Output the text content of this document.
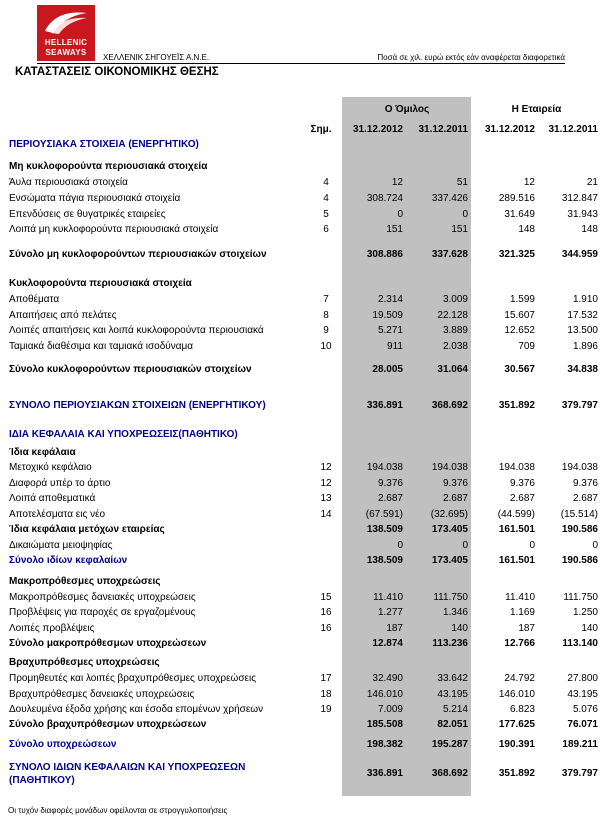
HELLENIC
SEAWAYS
ΧΕΛΛΕΝΙΚ ΣΗΓΟΥΕΪΣ Α.Ν.Ε.	Ποσά σε χιλ. ευρώ εκτός εάν αναφέρεται διαφορετικά
ΚΑΤΑΣΤΑΣΕΙΣ ΟΙΚΟΝΟΜΙΚΗΣ ΘΕΣΗΣ
Ο Όμιλος	Η Εταιρεία
Σημ.	31.12.2012	31.12.2011	31.12.2012	31.12.2011
ΠΕΡΙΟΥΣΙΑΚΑ ΣΤΟΙΧΕΙΑ (ΕΝΕΡΓΗΤΙΚΟ)
Μη κυκλοφορούντα περιουσιακά στοιχεία
Άυλα περιουσιακά στοιχεία	4	12	51	12	21
Ενσώματα πάγια περιουσιακά στοιχεία	4	308.724	337.426	289.516	312.847
Επενδύσεις σε θυγατρικές εταιρείες	5	0	0	31.649	31.943
Λοιπά μη κυκλοφορούντα περιουσιακά στοιχεία	6	151	151	148	148
Σύνολο μη κυκλοφορούντων περιουσιακών στοιχείων	308.886	337.628	321.325	344.959
Κυκλοφορούντα περιουσιακά στοιχεία
Αποθέματα	7	2.314	3.009	1.599	1.910
Απαιτήσεις από πελάτες	8	19.509	22.128	15.607	17.532
Λοιπές απαιτήσεις και λοιπά κυκλοφορούντα περιουσιακά	9	5.271	3.889	12.652	13.500
Ταμιακά διαθέσιμα και ταμιακά ισοδύναμα	10	911	2.038	709	1.896
Σύνολο κυκλοφορούντων περιουσιακών στοιχείων	28.005	31.064	30.567	34.838
ΣΥΝΟΛΟ ΠΕΡΙΟΥΣΙΑΚΩΝ ΣΤΟΙΧΕΙΩΝ (ΕΝΕΡΓΗΤΙΚΟΥ)	336.891	368.692	351.892	379.797
ΙΔΙΑ ΚΕΦΑΛΑΙΑ ΚΑΙ ΥΠΟΧΡΕΩΣΕΙΣ(ΠΑΘΗΤΙΚΟ)
Ίδια κεφάλαια
Μετοχικό κεφάλαιο	12	194.038	194.038	194.038	194.038
Διαφορά υπέρ το άρτιο	12	9.376	9.376	9.376	9.376
Λοιπά αποθεματικά	13	2.687	2.687	2.687	2.687
Αποτελέσματα εις νέο	14	(67.591)	(32.695)	(44.599)	(15.514)
Ίδια κεφάλαια μετόχων εταιρείας	138.509	173.405	161.501	190.586
Δικαιώματα μειοψηφίας	0	0	0	0
Σύνολο ιδίων κεφαλαίων	138.509	173.405	161.501	190.586
Μακροπρόθεσμες υποχρεώσεις
Μακροπρόθεσμες δανειακές υποχρεώσεις	15	11.410	111.750	11.410	111.750
Προβλέψεις για παροχές σε εργαζομένους	16	1.277	1.346	1.169	1.250
Λοιπές προβλέψεις	16	187	140	187	140
Σύνολο μακροπρόθεσμων υποχρεώσεων	12.874	113.236	12.766	113.140
Βραχυπρόθεσμες υποχρεώσεις
Προμηθευτές και λοιπές βραχυπρόθεσμες υποχρεώσεις	17	32.490	33.642	24.792	27.800
Βραχυπρόθεσμες δανειακές υποχρεώσεις	18	146.010	43.195	146.010	43.195
Δουλευμένα έξοδα χρήσης και έσοδα επομένων χρήσεων	19	7.009	5.214	6.823	5.076
Σύνολο βραχυπρόθεσμων υποχρεώσεων	185.508	82.051	177.625	76.071
Σύνολο υποχρεώσεων	198.382	195.287	190.391	189.211
ΣΥΝΟΛΟ ΙΔΙΩΝ ΚΕΦΑΛΑΙΩΝ ΚΑΙ ΥΠΟΧΡΕΩΣΕΩΝ

(ΠΑΘΗΤΙΚΟΥ)
336.891	368.692	351.892	379.797
Οι τυχόν διαφορές μονάδων οφείλονται σε στρογγυλοποιήσεις
